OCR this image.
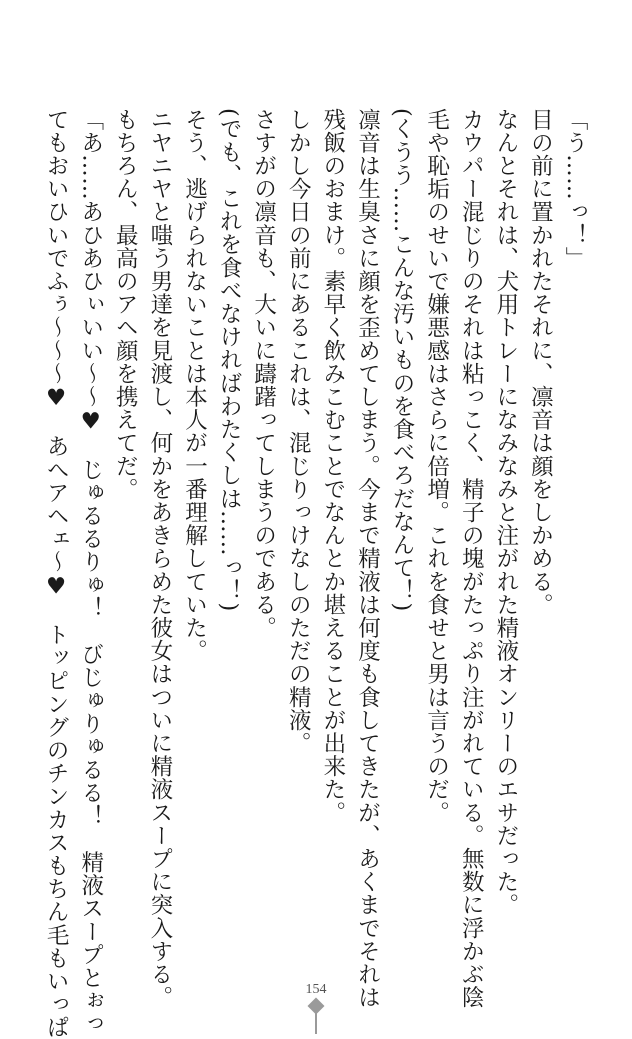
「う……っ！」

目の前に置かれたそれに、凛音は顔をしかめる。

なんとそれは、犬用トレーになみなみと注がれた精液オンリーのエサだった。

カウパー混じりのそれは粘っこく、精子の塊がたっぷり注がれている。無数に浮かぶ陰

毛や恥垢のせいで嫌悪感はさらに倍増。これを食せと男は言うのだ。

(くうう……こんな汚いものを食べろだなんて！)

凛音は生臭さに顔を歪めてしまう。今まで精液は何度も食してきたが、あくまでそれは

残飯のおまけ。素早く飲みこむことでなんとか堪えることが出来た。

しかし今日の前にあるこれは、混じりっけなしのただの精液。

さすがの凛音も、大いに躊躇ってしまうのである。

(でも、これを食べなければわたくしは……っ！)

そう、逃げられないことは本人が一番理解していた。

ニヤニヤと嗤う男達を見渡し、何かをあきらめた彼女はついに精液スープに突入する。

もちろん、最高のアヘ顔を携えてだ。

「あ……あひあひぃいい〜〜♥　じゅるるりゅ！　びじゅりゅるる！　精液スープとぉっ

てもおいひいでふぅ〜〜〜♥　あへアヘェ〜♥　トッピングのチンカスもちん毛もいっぱ	154
